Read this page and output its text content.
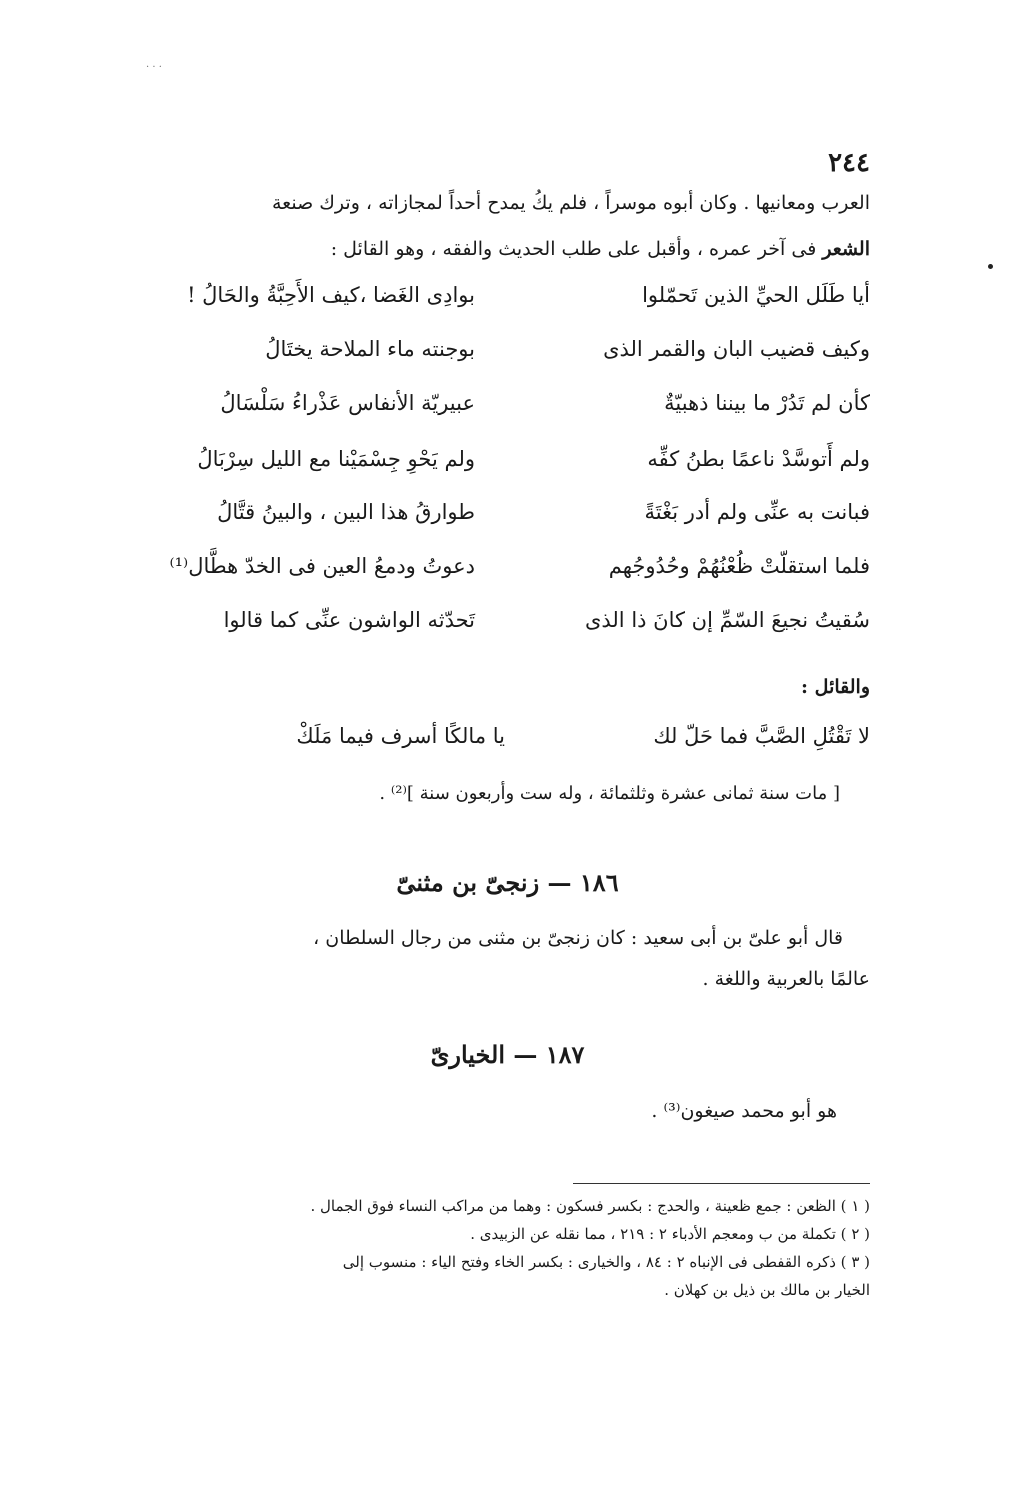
· · ·
٢٤٤
العرب ومعانيها . وكان أبوه موسراً ، فلم يكُ يمدح أحداً لمجازاته ، وترك صنعة
الشعر فى آخر عمره ، وأقبل على طلب الحديث والفقه ، وهو القائل :
أيا طَلَل الحيِّ الذين تَحمّلوا
بوادِى الغَضا ،كيف الأَحِبَّةُ والحَالُ !
وكيف قضيب البان والقمر الذى
بوجنته ماء الملاحة يختَالُ
كأن لم تَدُرْ ما بيننا ذهبيّةٌ
عبيريّة الأنفاس عَذْراءُ سَلْسَالُ
ولم أَتوسَّدْ ناعمًا بطنُ كفِّه
ولم يَحْوِ جِسْمَيْنا مع الليل سِرْبَالُ
فبانت به عنِّى ولم أدر بَغْتَةً
طوارقُ هذا البين ، والبينُ قتَّالُ
فلما استقلّتْ ظُعْنُهُمْ وحُدُوجُهم
دعوتُ ودمعُ العين فى الخدّ هطَّال⁽¹⁾
سُقيتُ نجيعَ السّمِّ إن كانَ ذا الذى
تَحدّثه الواشون عنِّى كما قالوا
والقائل :
لا تَقْتُلِ الصَّبَّ فما حَلّ لك
يا مالكًا أسرف فيما مَلَكْ
[ مات سنة ثمانى عشرة وثلثمائة ، وله ست وأربعون سنة ]⁽²⁾ .
١٨٦ — زنجىّ بن مثنىّ
قال أبو علىّ بن أبى سعيد : كان زنجىّ بن مثنى من رجال السلطان ،
عالمًا بالعربية واللغة .
١٨٧ — الخيارىّ
هو أبو محمد صيغون⁽³⁾ .
( ١ ) الظعن : جمع ظعينة ، والحدج : بكسر فسكون : وهما من مراكب النساء فوق الجمال .
( ٢ ) تكملة من ب ومعجم الأدباء ٢ : ٢١٩ ، مما نقله عن الزبيدى .
( ٣ ) ذكره القفطى فى الإنباه ٢ : ٨٤ ، والخيارى : بكسر الخاء وفتح الياء : منسوب إلى
الخيار بن مالك بن ذيل بن كهلان .
